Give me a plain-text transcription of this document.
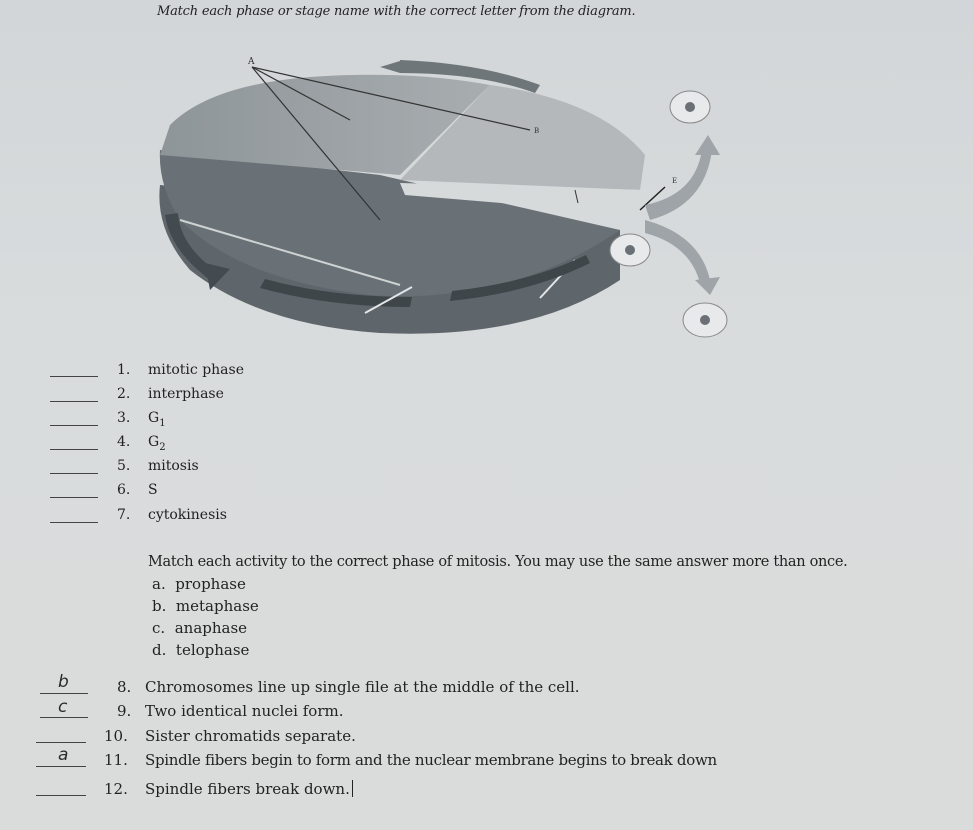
Match each phase or stage name with the correct letter from the diagram.
A
B
E
1. mitotic phase
2. interphase
3. $G_1$
4. $G_2$
5. mitosis
6. S
7. cytokinesis
Match each activity to the correct phase of mitosis. You may use the same answer more than once.
a. prophase
b. metaphase
c. anaphase
d. telophase
b	8. Chromosomes line up single file at the middle of the cell.
c	9. Two identical nuclei form.
10. Sister chromatids separate.
a 11. Spindle fibers begin to form and the nuclear membrane begins to break down
12. Spindle fibers break down.
